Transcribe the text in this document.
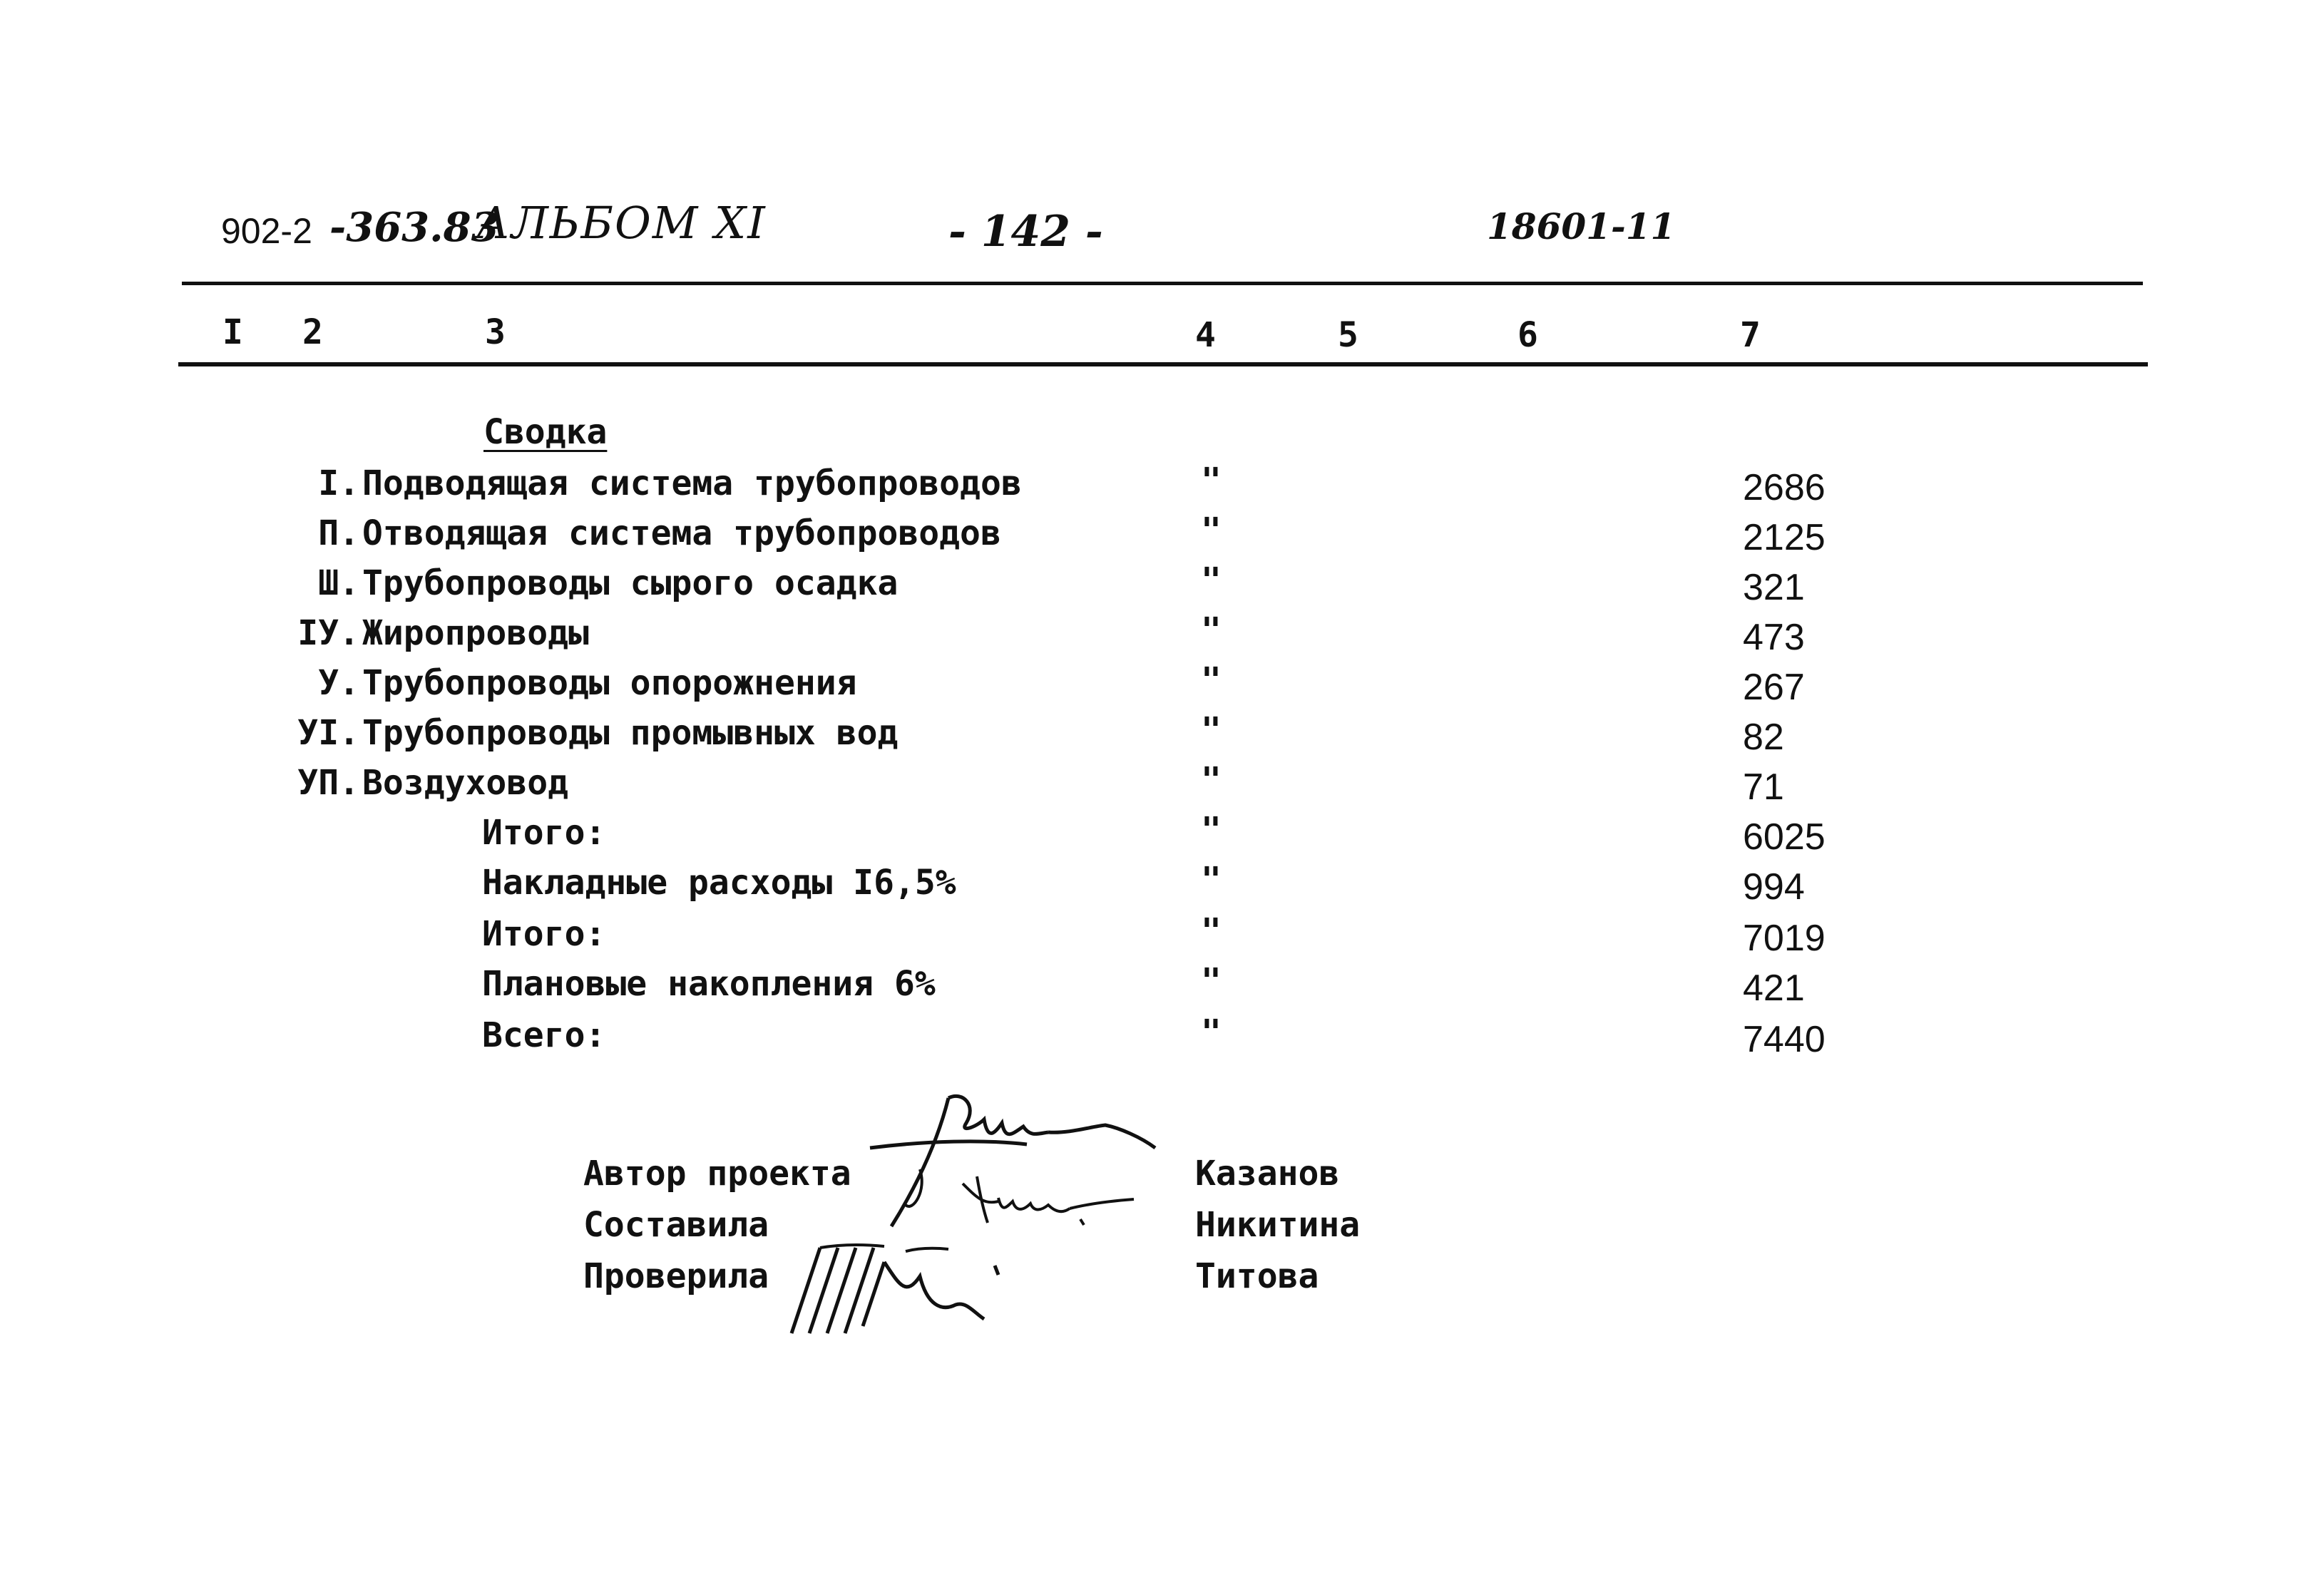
902-2 -363.83
АЛЬБОМ XI	- 142 -	18601-11
I 2	3	4	5	6	7
Сводка
I. Подводящая система трубопроводов	"	2686
П. Отводящая система трубопроводов	"	2125
Ш. Трубопроводы сырого осадка	"	321
IУ. Жиропроводы	"	473
У. Трубопроводы опорожнения	"	267
УI. Трубопроводы промывных вод	"	82
УП. Воздуховод	"	71
Итого:	"	6025
Накладные расходы I6,5%	"	994
Итого:	"	7019
Плановые накопления 6%	"	421
Всего:	"	7440
Автор проекта	Казанов
Составила	Никитина
Проверила	Титова
